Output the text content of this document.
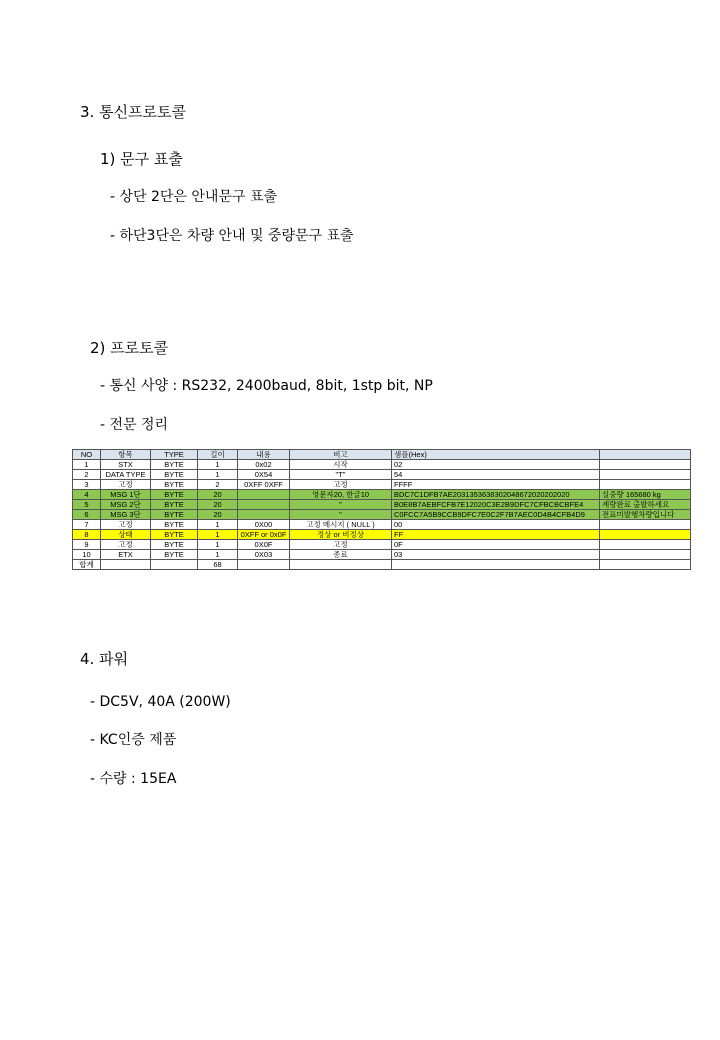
3. 통신프로토콜
1) 문구 표출
- 상단 2단은 안내문구 표출
- 하단3단은 차량 안내 및 중량문구 표출
2) 프로토콜
- 통신 사양 : RS232, 2400baud, 8bit, 1stp bit, NP
- 전문 정리
NO	항목	TYPE	길이	내용	비고	샘플(Hex)	
1	STX	BYTE	1	0x02	시작	02	
2	DATA TYPE	BYTE	1	0X54	"T"	54	
3	고정	BYTE	2	0XFF 0XFF	고정	FFFF	
4	MSG 1단	BYTE	20		영문자20, 한글10	BDC7C1DFB7AE2031353638302048672020202020	실중량 165680 kg
5	MSG 2단	BYTE	20		"	B0E8B7AEBFCFB7E12020C3E2B9DFC7CFBCBCBFE4	계량완료 출발하세요
6	MSG 3단	BYTE	20		"	C0FCC7A5B9CCB9DFC7E0C2F7B7AEC0D4B4CFB4D9	전표미발행차량입니다
7	고정	BYTE	1	0X00	고정 메시지 ( NULL )	00	
8	상태	BYTE	1	0XFF or 0x0F	정상 or 비정상	FF	
9	고정	BYTE	1	0X0F	고정	0F	
10	ETX	BYTE	1	0X03	종료	03	
합계			68				
4. 파워
- DC5V, 40A (200W)
- KC인증 제품
- 수량 : 15EA
